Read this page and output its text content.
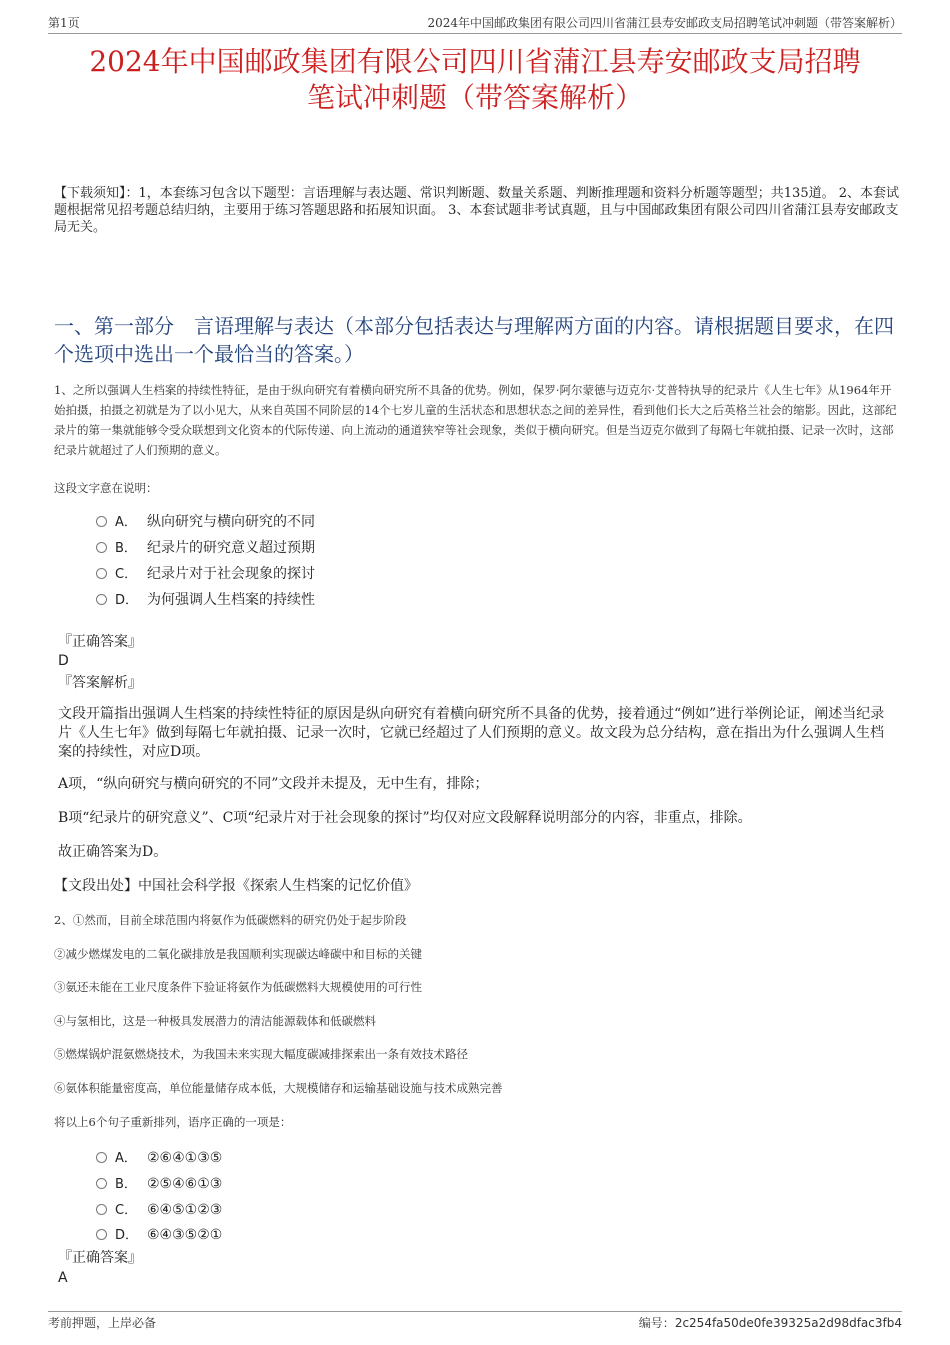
第1页	2024年中国邮政集团有限公司四川省蒲江县寿安邮政支局招聘笔试冲刺题（带答案解析）
2024年中国邮政集团有限公司四川省蒲江县寿安邮政支局招聘
笔试冲刺题（带答案解析）
【下载须知】：1，本套练习包含以下题型：言语理解与表达题、常识判断题、数量关系题、判断推理题和资料分析题等题型；共135道。 2、本套试题根据常见招考题总结归纳，主要用于练习答题思路和拓展知识面。 3、本套试题非考试真题，且与中国邮政集团有限公司四川省蒲江县寿安邮政支局无关。
一、第一部分　言语理解与表达（本部分包括表达与理解两方面的内容。请根据题目要求，在四个选项中选出一个最恰当的答案。）
1、之所以强调人生档案的持续性特征，是由于纵向研究有着横向研究所不具备的优势。例如，保罗·阿尔蒙德与迈克尔·艾普特执导的纪录片《人生七年》从1964年开始拍摄，拍摄之初就是为了以小见大，从来自英国不同阶层的14个七岁儿童的生活状态和思想状态之间的差异性，看到他们长大之后英格兰社会的缩影。因此，这部纪录片的第一集就能够令受众联想到文化资本的代际传递、向上流动的通道狭窄等社会现象，类似于横向研究。但是当迈克尔做到了每隔七年就拍摄、记录一次时，这部纪录片就超过了人们预期的意义。
这段文字意在说明：
A． 纵向研究与横向研究的不同
B． 纪录片的研究意义超过预期
C． 纪录片对于社会现象的探讨
D． 为何强调人生档案的持续性
『正确答案』
D
『答案解析』
文段开篇指出强调人生档案的持续性特征的原因是纵向研究有着横向研究所不具备的优势，接着通过“例如”进行举例论证，阐述当纪录片《人生七年》做到每隔七年就拍摄、记录一次时，它就已经超过了人们预期的意义。故文段为总分结构，意在指出为什么强调人生档案的持续性，对应D项。
A项，“纵向研究与横向研究的不同”文段并未提及，无中生有，排除；
B项“纪录片的研究意义”、C项“纪录片对于社会现象的探讨”均仅对应文段解释说明部分的内容，非重点，排除。
故正确答案为D。
【文段出处】中国社会科学报《探索人生档案的记忆价值》
2、①然而，目前全球范围内将氨作为低碳燃料的研究仍处于起步阶段
②减少燃煤发电的二氧化碳排放是我国顺利实现碳达峰碳中和目标的关键
③氨还未能在工业尺度条件下验证将氨作为低碳燃料大规模使用的可行性
④与氢相比，这是一种极具发展潜力的清洁能源载体和低碳燃料
⑤燃煤锅炉混氨燃烧技术，为我国未来实现大幅度碳减排探索出一条有效技术路径
⑥氨体积能量密度高，单位能量储存成本低，大规模储存和运输基础设施与技术成熟完善
将以上6个句子重新排列，语序正确的一项是：
A． ②⑥④①③⑤
B． ②⑤④⑥①③
C． ⑥④⑤①②③
D． ⑥④③⑤②①
『正确答案』
A
考前押题，上岸必备	编号：2c254fa50de0fe39325a2d98dfac3fb4
